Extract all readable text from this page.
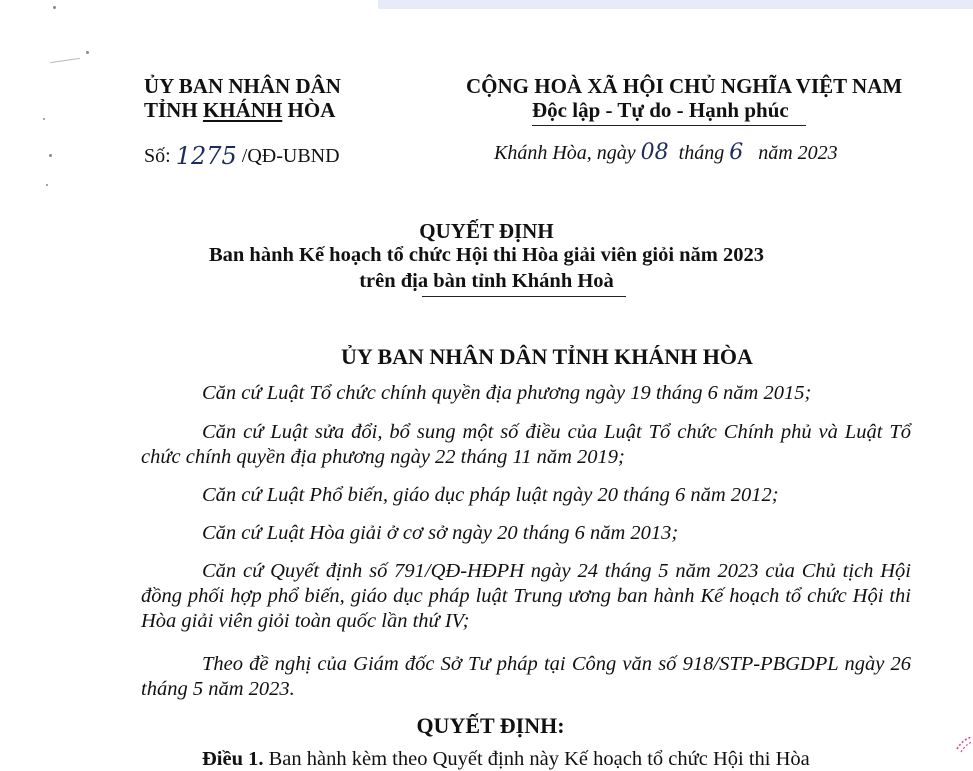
ỦY BAN NHÂN DÂN
TỈNH KHÁNH HÒA
Số: 1275 /QĐ-UBND
CỘNG HOÀ XÃ HỘI CHỦ NGHĨA VIỆT NAM
Độc lập - Tự do - Hạnh phúc
Khánh Hòa, ngày 08 tháng 6 năm 2023
QUYẾT ĐỊNH
Ban hành Kế hoạch tổ chức Hội thi Hòa giải viên giỏi năm 2023
trên địa bàn tỉnh Khánh Hoà
ỦY BAN NHÂN DÂN TỈNH KHÁNH HÒA
Căn cứ Luật Tổ chức chính quyền địa phương ngày 19 tháng 6 năm 2015;
Căn cứ Luật sửa đổi, bổ sung một số điều của Luật Tổ chức Chính phủ và Luật Tổ chức chính quyền địa phương ngày 22 tháng 11 năm 2019;
Căn cứ Luật Phổ biến, giáo dục pháp luật ngày 20 tháng 6 năm 2012;
Căn cứ Luật Hòa giải ở cơ sở ngày 20 tháng 6 năm 2013;
Căn cứ Quyết định số 791/QĐ-HĐPH ngày 24 tháng 5 năm 2023 của Chủ tịch Hội đồng phối hợp phổ biến, giáo dục pháp luật Trung ương ban hành Kế hoạch tổ chức Hội thi Hòa giải viên giỏi toàn quốc lần thứ IV;
Theo đề nghị của Giám đốc Sở Tư pháp tại Công văn số 918/STP-PBGDPL ngày 26 tháng 5 năm 2023.
QUYẾT ĐỊNH:
Điều 1. Ban hành kèm theo Quyết định này Kế hoạch tổ chức Hội thi Hòa
